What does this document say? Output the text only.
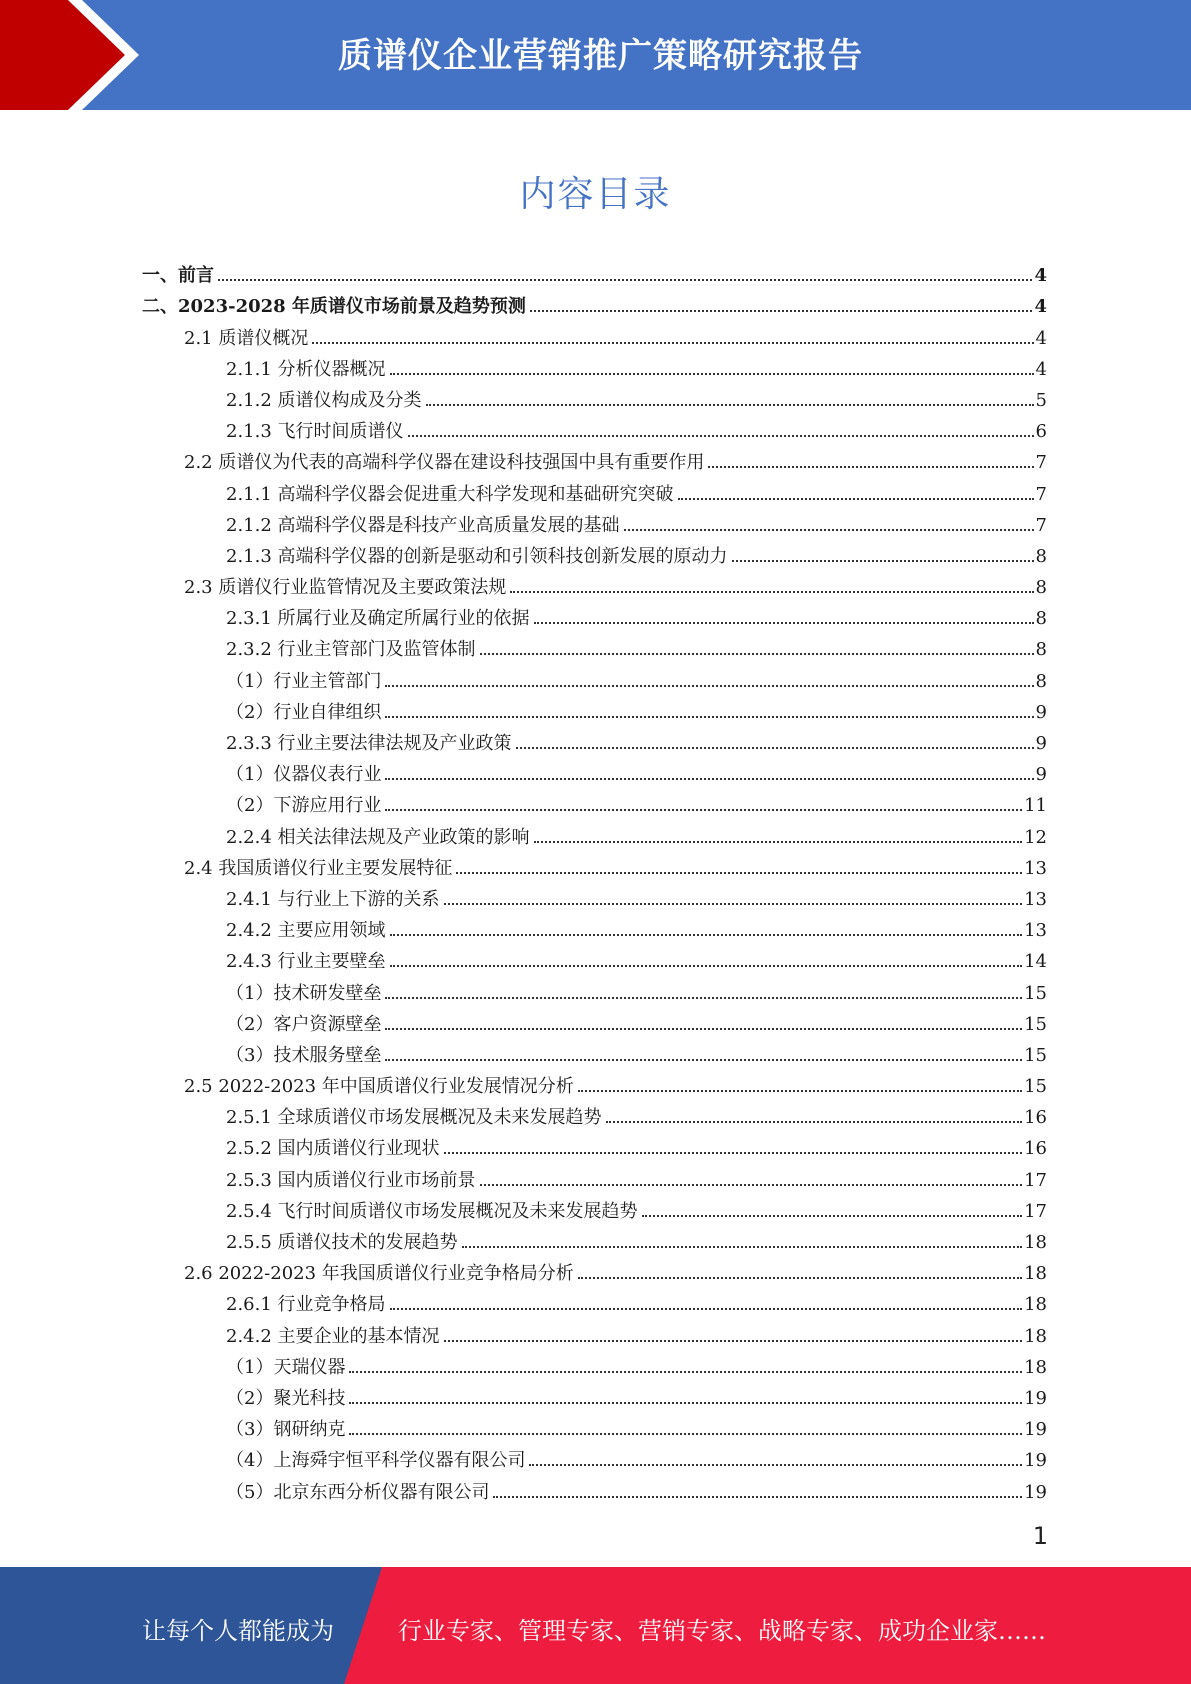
质谱仪企业营销推广策略研究报告
内容目录
一、前言	4
二、2023-2028 年质谱仪市场前景及趋势预测	4
2.1 质谱仪概况	4
2.1.1 分析仪器概况	4
2.1.2 质谱仪构成及分类	5
2.1.3 飞行时间质谱仪	6
2.2 质谱仪为代表的高端科学仪器在建设科技强国中具有重要作用	7
2.1.1 高端科学仪器会促进重大科学发现和基础研究突破	7
2.1.2 高端科学仪器是科技产业高质量发展的基础	7
2.1.3 高端科学仪器的创新是驱动和引领科技创新发展的原动力	8
2.3 质谱仪行业监管情况及主要政策法规	8
2.3.1 所属行业及确定所属行业的依据	8
2.3.2 行业主管部门及监管体制	8
（1）行业主管部门	8
（2）行业自律组织	9
2.3.3 行业主要法律法规及产业政策	9
（1）仪器仪表行业	9
（2）下游应用行业	11
2.2.4 相关法律法规及产业政策的影响	12
2.4 我国质谱仪行业主要发展特征	13
2.4.1 与行业上下游的关系	13
2.4.2 主要应用领域	13
2.4.3 行业主要壁垒	14
（1）技术研发壁垒	15
（2）客户资源壁垒	15
（3）技术服务壁垒	15
2.5 2022-2023 年中国质谱仪行业发展情况分析	15
2.5.1 全球质谱仪市场发展概况及未来发展趋势	16
2.5.2 国内质谱仪行业现状	16
2.5.3 国内质谱仪行业市场前景	17
2.5.4 飞行时间质谱仪市场发展概况及未来发展趋势	17
2.5.5 质谱仪技术的发展趋势	18
2.6 2022-2023 年我国质谱仪行业竞争格局分析	18
2.6.1 行业竞争格局	18
2.4.2 主要企业的基本情况	18
（1）天瑞仪器	18
（2）聚光科技	19
（3）钢研纳克	19
（4）上海舜宇恒平科学仪器有限公司	19
（5）北京东西分析仪器有限公司	19
1
让每个人都能成为	行业专家、管理专家、营销专家、战略专家、成功企业家……
